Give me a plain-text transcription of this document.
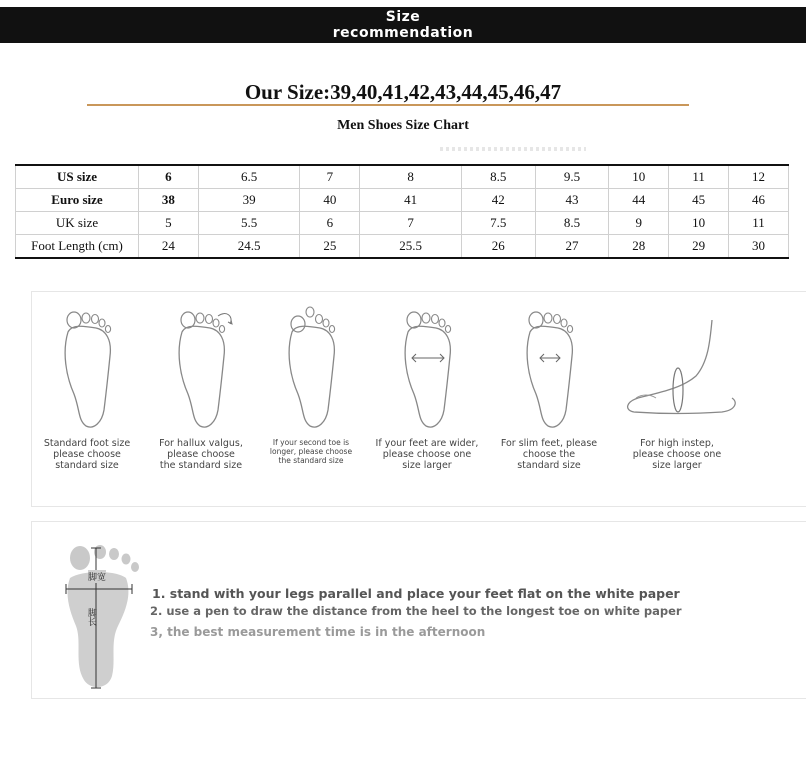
Size
recommendation
Our Size:39,40,41,42,43,44,45,46,47
Men Shoes Size Chart
US size	6	6.5	7	8	8.5	9.5	10	11	12
Euro size	38	39	40	41	42	43	44	45	46
UK size	5	5.5	6	7	7.5	8.5	9	10	11
Foot Length (cm)	24	24.5	25	25.5	26	27	28	29	30
Standard foot size
please choose
standard size
For hallux valgus,
please choose
the standard size
If your second toe is
longer, please choose
the standard size
If your feet are wider,
please choose one
size larger
For slim feet, please
choose the
standard size
For high instep,
please choose one
size larger
脚宽
脚长
1. stand with your legs parallel and place your feet flat on the white paper
2. use a pen to draw the distance from the heel to the longest toe on white paper
3, the best measurement time is in the afternoon
